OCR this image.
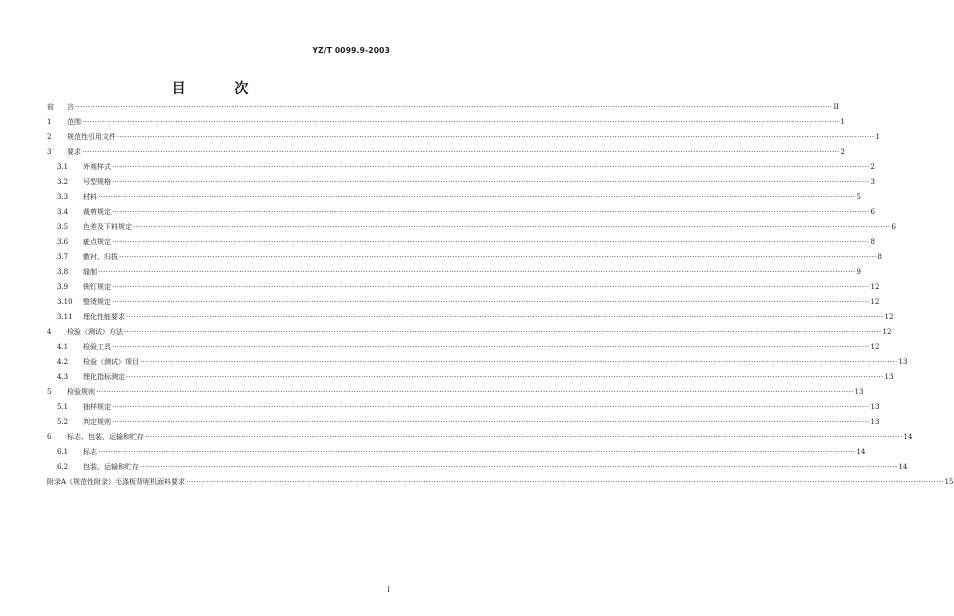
YZ/T 0099.9-2003
目 次
前	言 ············································································································································································································································································································ II
1	范围 ············································································································································································································································································································ 1
2	规范性引用文件 ············································································································································································································································································································ 1
3	要求 ············································································································································································································································································································ 2
3.1	外观样式 ············································································································································································································································································································ 2
3.2	号型规格 ············································································································································································································································································································ 3
3.3	材料 ············································································································································································································································································································ 5
3.4	裁剪规定 ············································································································································································································································································································ 6
3.5	色差及下料规定 ············································································································································································································································································································ 6
3.6	疵点规定 ············································································································································································································································································································ 8
3.7	敷衬、归拔 ············································································································································································································································································································ 8
3.8	缝制 ············································································································································································································································································································ 9
3.9	锁钉规定 ············································································································································································································································································································ 12
3.10	整烫规定 ············································································································································································································································································································ 12
3.11	理化性能要求 ············································································································································································································································································································ 12
4	检验（测试）方法 ············································································································································································································································································································ 12
4.1	检验工具 ············································································································································································································································································································ 12
4.2	检验（测试）项目 ············································································································································································································································································································ 13
4.3	理化指标测定 ············································································································································································································································································································ 13
5	检验规则 ············································································································································································································································································································ 13
5.1	抽样规定 ············································································································································································································································································································ 13
5.2	判定规则 ············································································································································································································································································································ 13
6	标志、包装、运输和贮存 ············································································································································································································································································································ 14
6.1	标志 ············································································································································································································································································································ 14
6.2	包装、运输和贮存 ············································································································································································································································································································ 14
附录A（规范性附录）毛涤板背呢机面料要求 ············································································································································································································································································································ 15
I
